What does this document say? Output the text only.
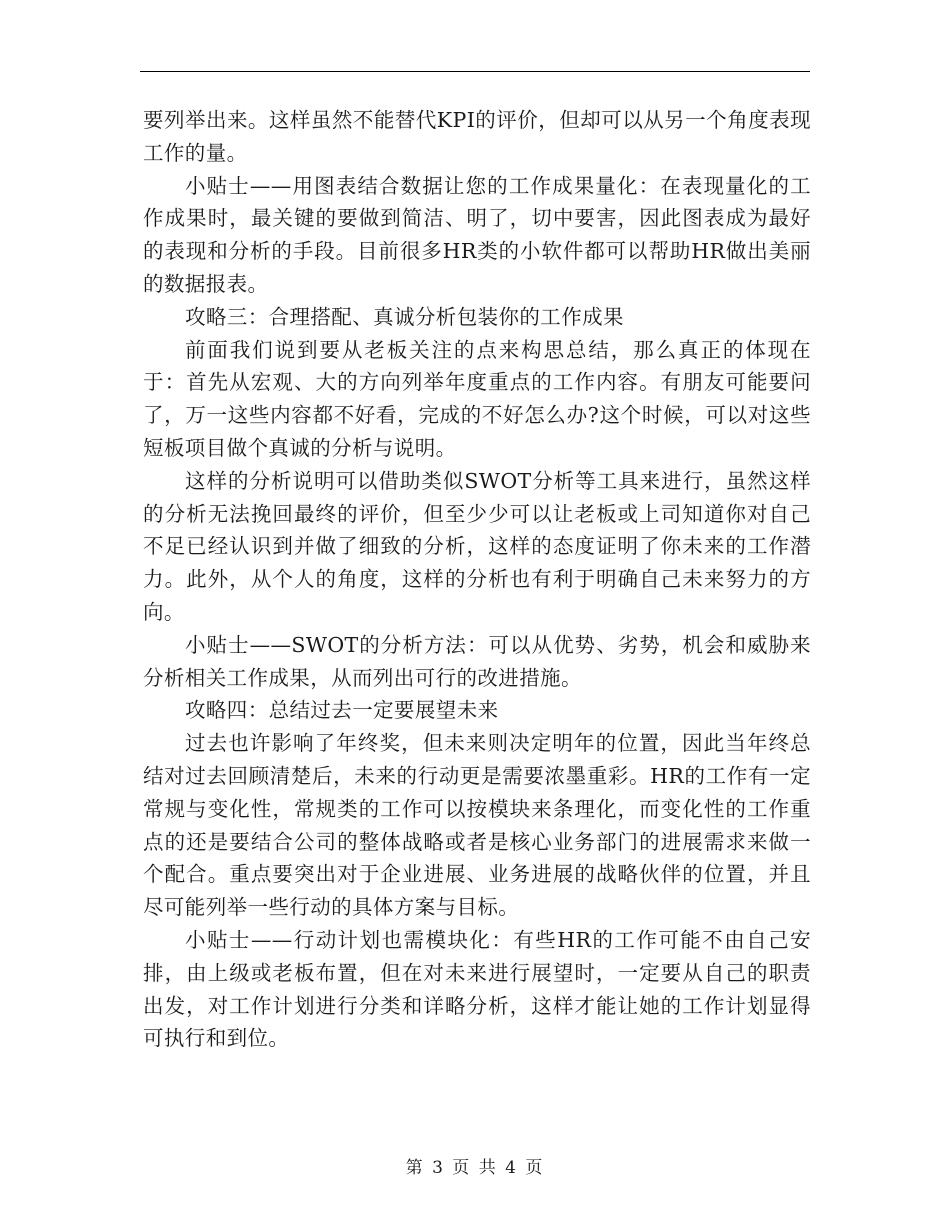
要列举出来。这样虽然不能替代KPI的评价，但却可以从另一个角度表现工作的量。

小贴士——用图表结合数据让您的工作成果量化：在表现量化的工作成果时，最关键的要做到简洁、明了，切中要害，因此图表成为最好的表现和分析的手段。目前很多HR类的小软件都可以帮助HR做出美丽的数据报表。

攻略三：合理搭配、真诚分析包装你的工作成果

前面我们说到要从老板关注的点来构思总结，那么真正的体现在于：首先从宏观、大的方向列举年度重点的工作内容。有朋友可能要问了，万一这些内容都不好看，完成的不好怎么办?这个时候，可以对这些短板项目做个真诚的分析与说明。

这样的分析说明可以借助类似SWOT分析等工具来进行，虽然这样的分析无法挽回最终的评价，但至少少可以让老板或上司知道你对自己不足已经认识到并做了细致的分析，这样的态度证明了你未来的工作潜力。此外，从个人的角度，这样的分析也有利于明确自己未来努力的方向。

小贴士——SWOT的分析方法：可以从优势、劣势，机会和威胁来分析相关工作成果，从而列出可行的改进措施。

攻略四：总结过去一定要展望未来

过去也许影响了年终奖，但未来则决定明年的位置，因此当年终总结对过去回顾清楚后，未来的行动更是需要浓墨重彩。HR的工作有一定常规与变化性，常规类的工作可以按模块来条理化，而变化性的工作重点的还是要结合公司的整体战略或者是核心业务部门的进展需求来做一个配合。重点要突出对于企业进展、业务进展的战略伙伴的位置，并且尽可能列举一些行动的具体方案与目标。

小贴士——行动计划也需模块化：有些HR的工作可能不由自己安排，由上级或老板布置，但在对未来进行展望时，一定要从自己的职责出发，对工作计划进行分类和详略分析，这样才能让她的工作计划显得可执行和到位。

第 3 页 共 4 页
